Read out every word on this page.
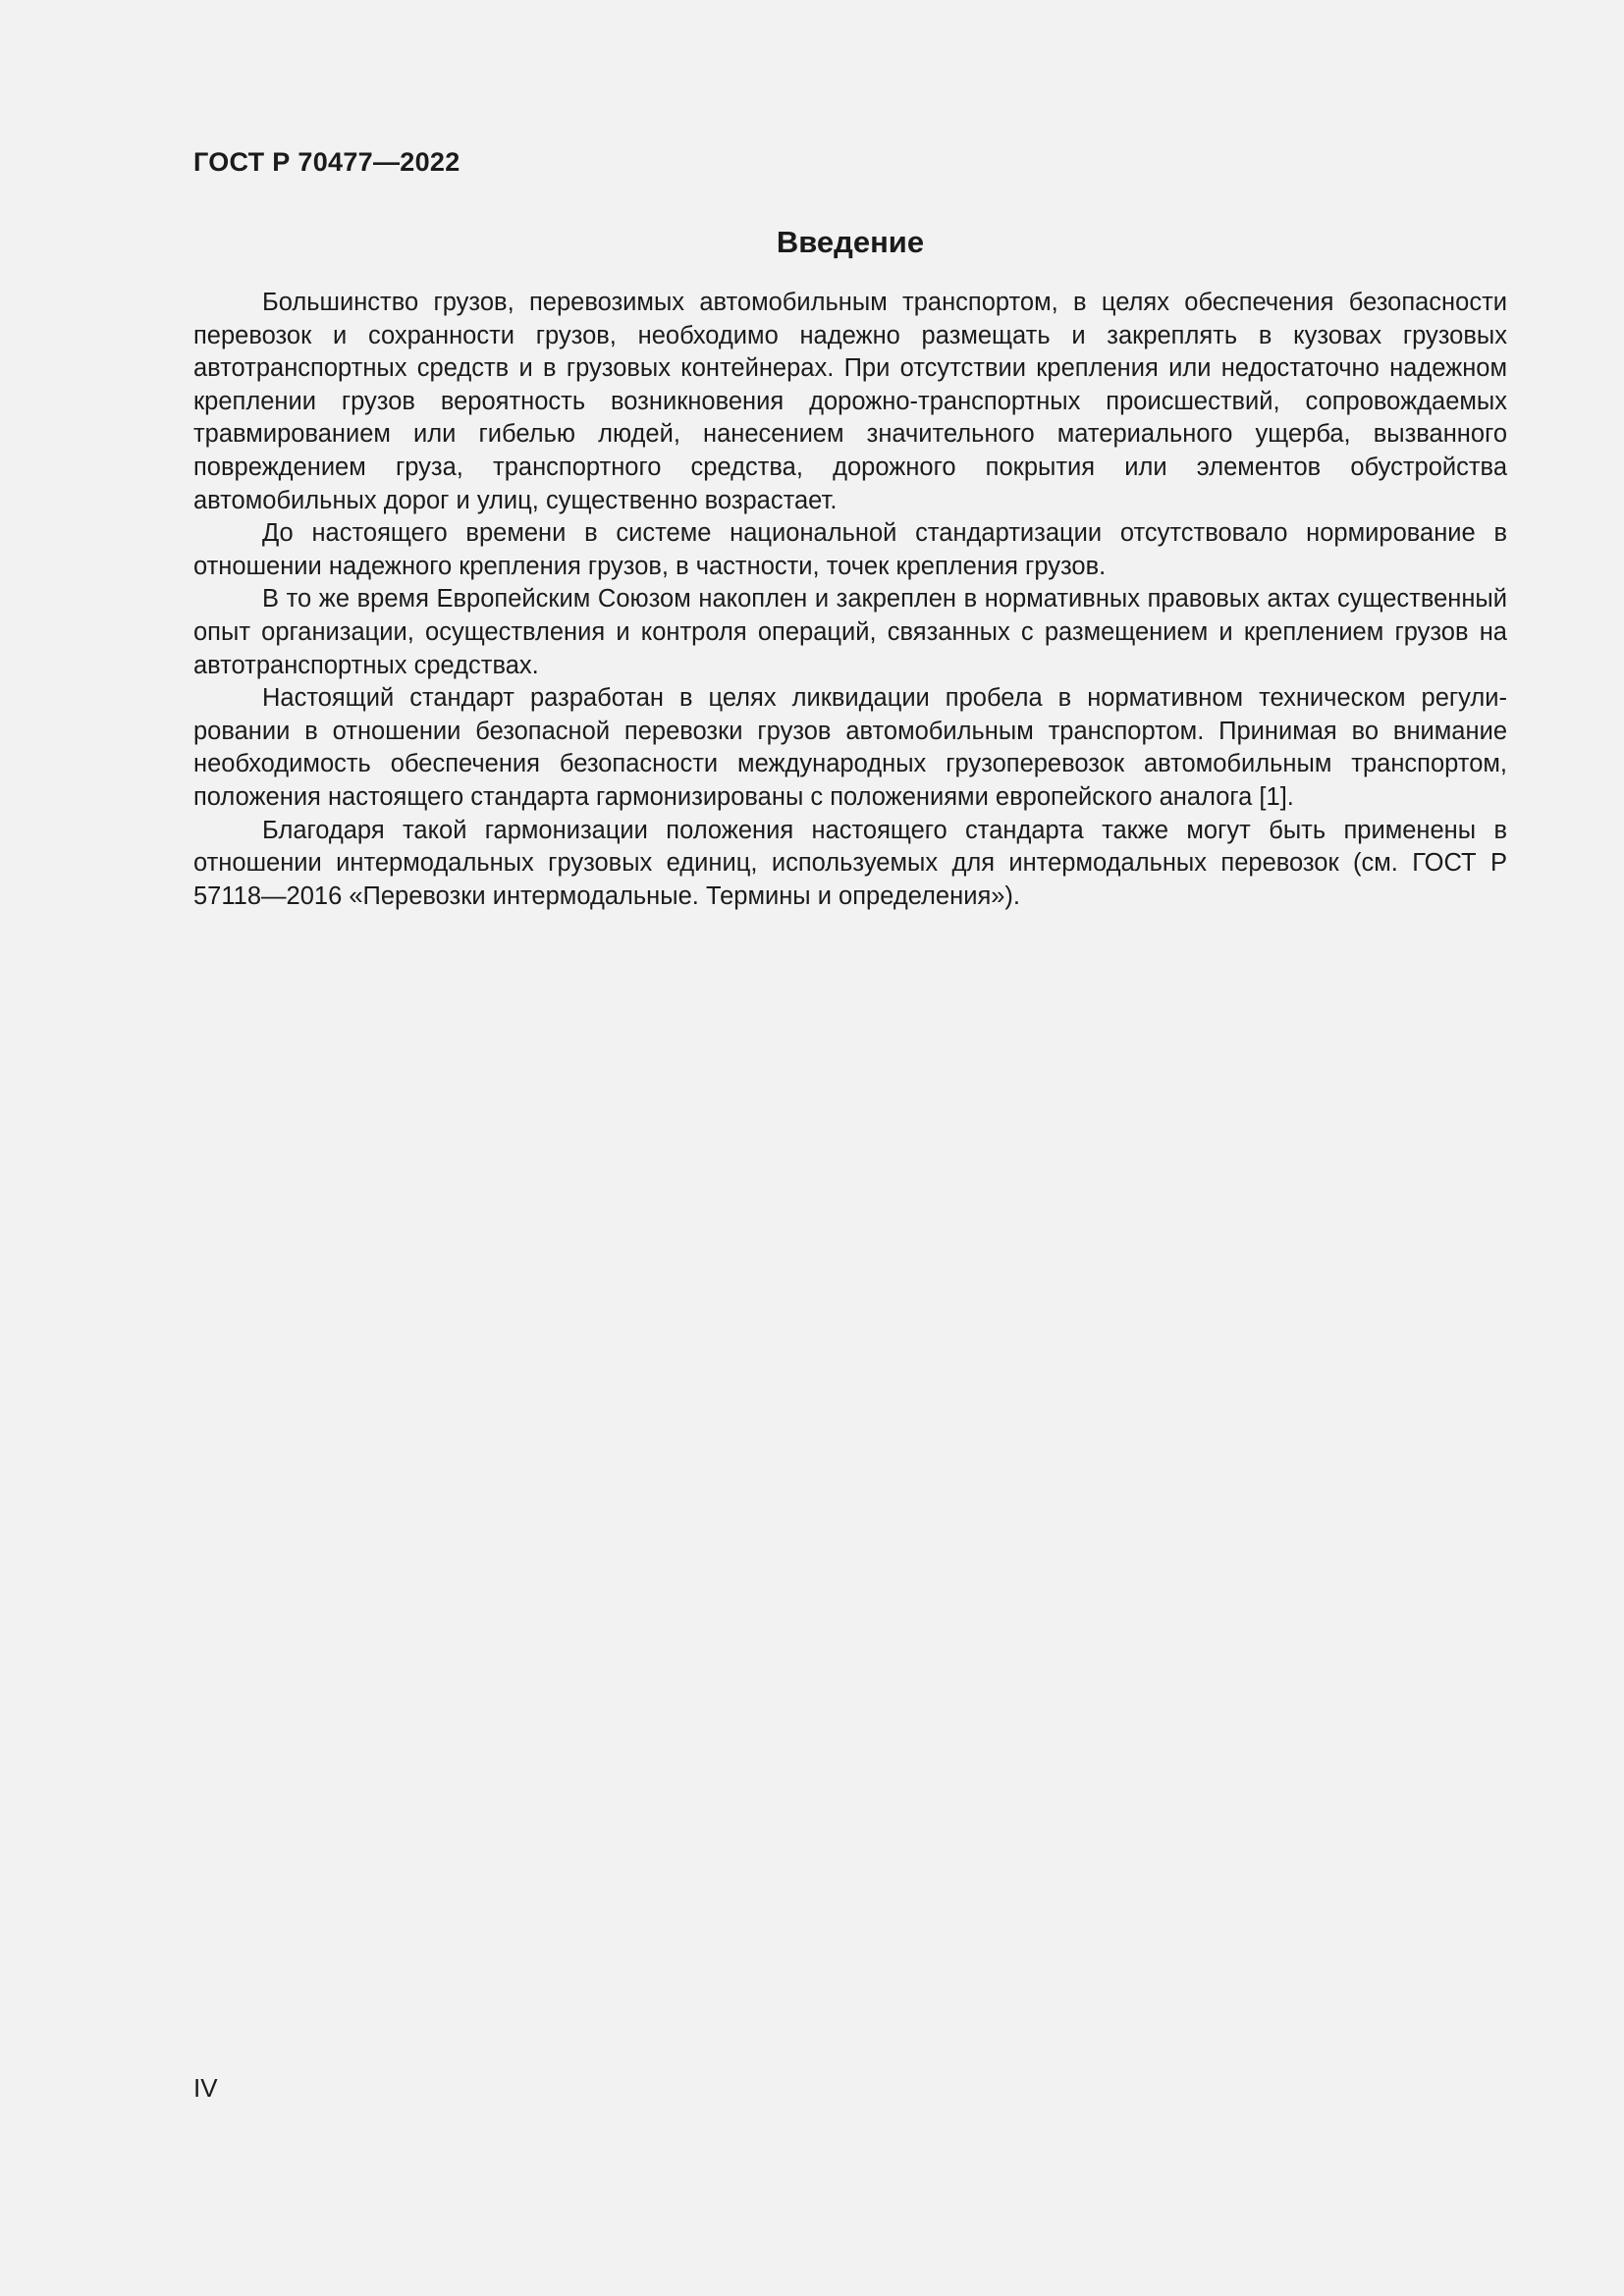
ГОСТ Р 70477—2022
Введение

Большинство грузов, перевозимых автомобильным транспортом, в целях обеспечения безопасности перевозок и сохранности грузов, необходимо надежно размещать и закреплять в кузовах грузовых автотранспортных средств и в грузовых контейнерах. При отсутствии крепления или недостаточно надежном креплении грузов вероятность возникновения дорожно-транспортных происшествий, сопровождаемых травмированием или гибелью людей, нанесением значительного материального ущерба, вызванного повреждением груза, транспортного средства, дорожного покрытия или элементов обустройства автомобильных дорог и улиц, существенно возрастает.

До настоящего времени в системе национальной стандартизации отсутствовало нормирование в отношении надежного крепления грузов, в частности, точек крепления грузов.

В то же время Европейским Союзом накоплен и закреплен в нормативных правовых актах существенный опыт организации, осуществления и контроля операций, связанных с размещением и креплением грузов на автотранспортных средствах.

Настоящий стандарт разработан в целях ликвидации пробела в нормативном техническом регулировании в отношении безопасной перевозки грузов автомобильным транспортом. Принимая во внимание необходимость обеспечения безопасности международных грузоперевозок автомобильным транспортом, положения настоящего стандарта гармонизированы с положениями европейского аналога [1].

Благодаря такой гармонизации положения настоящего стандарта также могут быть применены в отношении интермодальных грузовых единиц, используемых для интермодальных перевозок (см. ГОСТ Р 57118—2016 «Перевозки интермодальные. Термины и определения»).

IV
